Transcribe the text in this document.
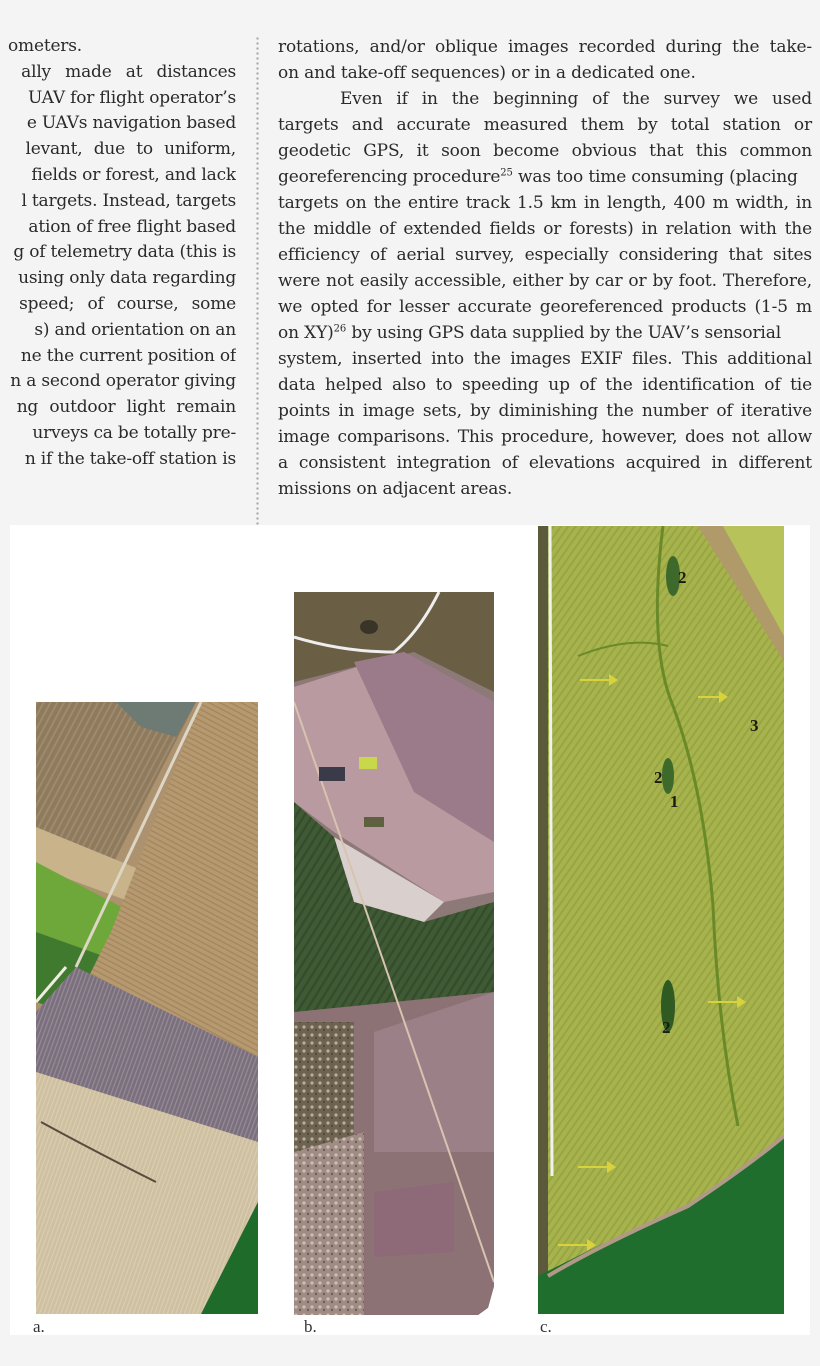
ometers.
ally made at distances
UAV for flight operator’s
e UAVs navigation based
levant, due to uniform,
fields or forest, and lack
l targets. Instead, targets
ation of free flight based
g of telemetry data (this is
using only data regarding
speed; of course, some
s) and orientation on an
ne the current position of
n a second operator giving
ng outdoor light remain
urveys ca be totally pre-
n if the take-off station is
rotations, and/or oblique images recorded during the take-
on and take-off sequences) or in a dedicated one.
Even if in the beginning of the survey we used
targets and accurate measured them by total station or
geodetic GPS, it soon become obvious that this common
georeferencing procedure$^{25}$ was too time consuming (placing
targets on the entire track 1.5 km in length, 400 m width, in
the middle of extended fields or forests) in relation with the
efficiency of aerial survey, especially considering that sites
were not easily accessible, either by car or by foot. Therefore,
we opted for lesser accurate georeferenced products (1-5 m
on XY)$^{26}$ by using GPS data supplied by the UAV’s sensorial
system, inserted into the images EXIF files. This additional
data helped also to speeding up of the identification of tie
points in image sets, by diminishing the number of iterative
image comparisons. This procedure, however, does not allow
a consistent integration of elevations acquired in different
missions on adjacent areas.
a.	b.
2
3
2
1
2
c.
